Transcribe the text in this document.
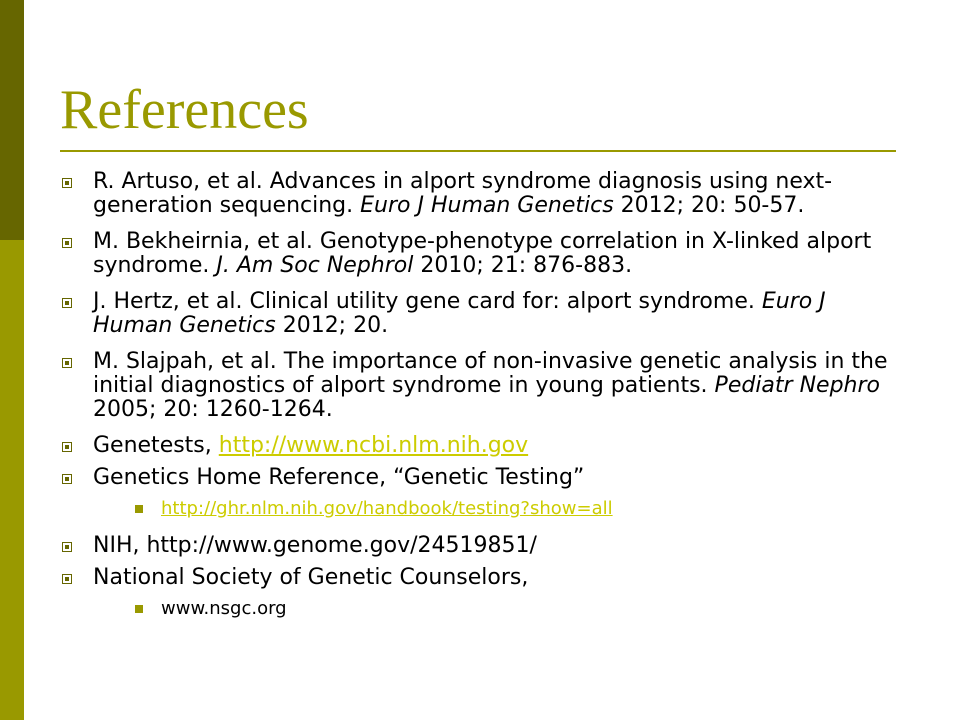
References
R. Artuso, et al. Advances in alport syndrome diagnosis using next-generation sequencing. Euro J Human Genetics 2012; 20: 50-57.
M. Bekheirnia, et al. Genotype-phenotype correlation in X-linked alport syndrome. J. Am Soc Nephrol 2010; 21: 876-883.
J. Hertz, et al. Clinical utility gene card for: alport syndrome. Euro J Human Genetics 2012; 20.
M. Slajpah, et al. The importance of non-invasive genetic analysis in the initial diagnostics of alport syndrome in young patients. Pediatr Nephro 2005; 20: 1260-1264.
Genetests, http://www.ncbi.nlm.nih.gov
Genetics Home Reference, “Genetic Testing”
http://ghr.nlm.nih.gov/handbook/testing?show=all
NIH, http://www.genome.gov/24519851/
National Society of Genetic Counselors,
www.nsgc.org
